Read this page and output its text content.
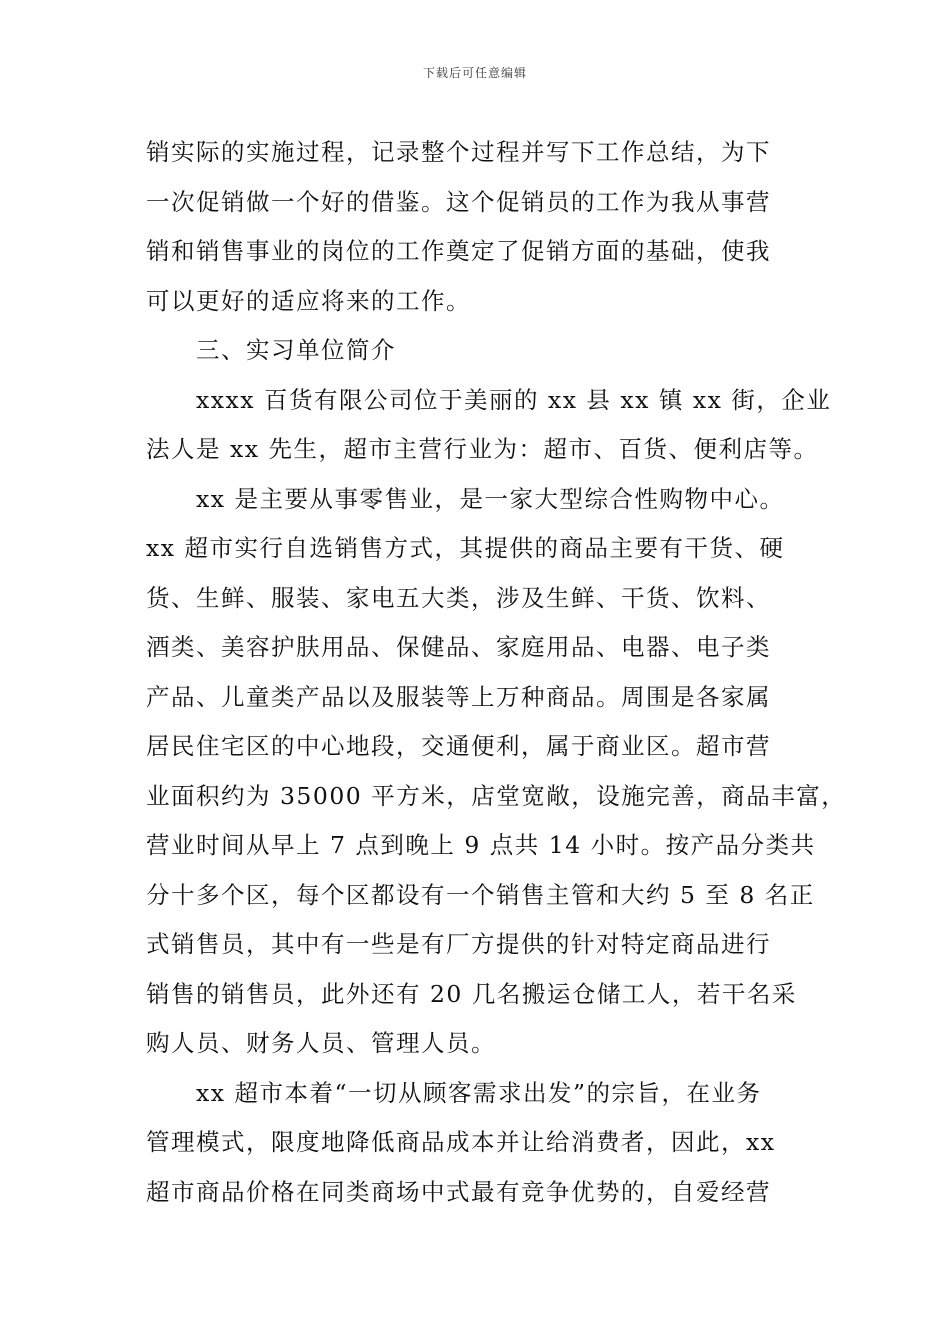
下载后可任意编辑
销实际的实施过程，记录整个过程并写下工作总结，为下
一次促销做一个好的借鉴。这个促销员的工作为我从事营
销和销售事业的岗位的工作奠定了促销方面的基础，使我
可以更好的适应将来的工作。
三、实习单位简介
xxxx 百货有限公司位于美丽的 xx 县 xx 镇 xx 街，企业
法人是 xx 先生，超市主营行业为：超市、百货、便利店等。
xx 是主要从事零售业，是一家大型综合性购物中心。
xx 超市实行自选销售方式，其提供的商品主要有干货、硬
货、生鲜、服装、家电五大类，涉及生鲜、干货、饮料、
酒类、美容护肤用品、保健品、家庭用品、电器、电子类
产品、儿童类产品以及服装等上万种商品。周围是各家属
居民住宅区的中心地段，交通便利，属于商业区。超市营
业面积约为 35000 平方米，店堂宽敞，设施完善，商品丰富，
营业时间从早上 7 点到晚上 9 点共 14 小时。按产品分类共
分十多个区，每个区都设有一个销售主管和大约 5 至 8 名正
式销售员，其中有一些是有厂方提供的针对特定商品进行
销售的销售员，此外还有 20 几名搬运仓储工人，若干名采
购人员、财务人员、管理人员。
xx 超市本着“一切从顾客需求出发”的宗旨，在业务
管理模式，限度地降低商品成本并让给消费者，因此，xx
超市商品价格在同类商场中式最有竞争优势的，自爱经营
